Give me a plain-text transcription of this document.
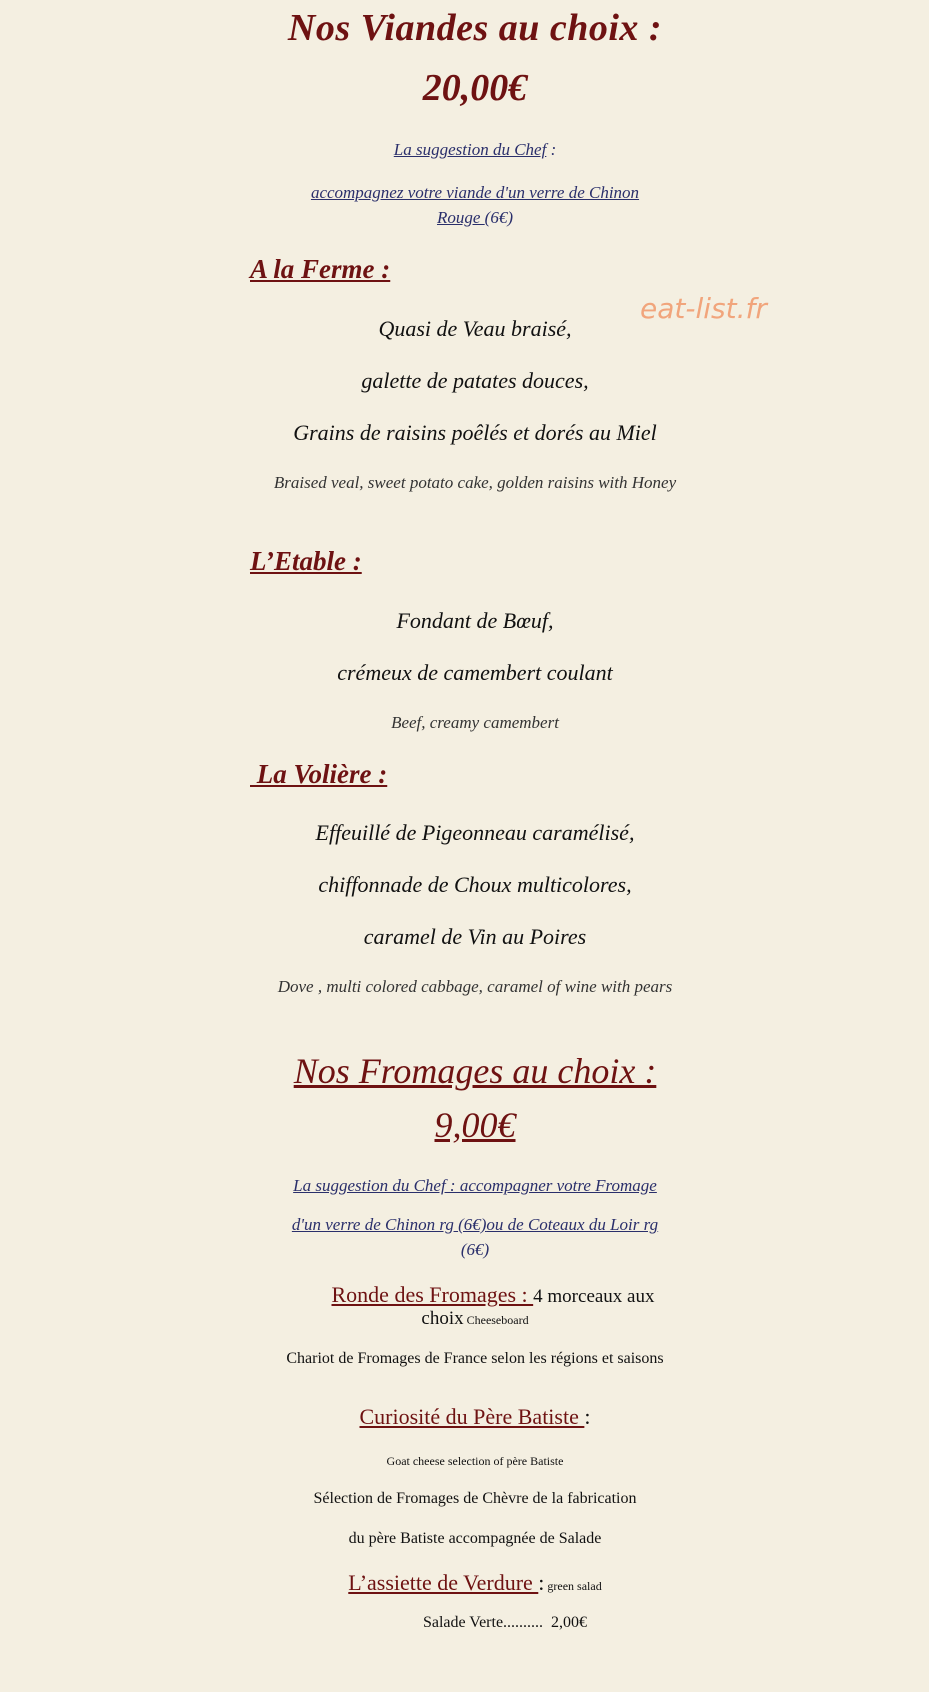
eat-list.fr
Nos Viandes au choix :
20,00€
La suggestion du Chef :
accompagnez votre viande d'un verre de Chinon
Rouge (6€)
A la Ferme :
Quasi de Veau braisé,
galette de patates douces,
Grains de raisins poêlés et dorés au Miel
Braised veal, sweet potato cake, golden raisins with Honey
L’Etable :
Fondant de Bœuf,
crémeux de camembert coulant
Beef, creamy camembert
La Volière :
Effeuillé de Pigeonneau caramélisé,
chiffonnade de Choux multicolores,
caramel de Vin au Poires
Dove , multi colored cabbage, caramel of wine with pears
Nos Fromages au choix :
9,00€
La suggestion du Chef : accompagner votre Fromage
d'un verre de Chinon rg (6€)ou de Coteaux du Loir rg
(6€)
Ronde des Fromages : 4 morceaux aux
choix Cheeseboard
Chariot de Fromages de France selon les régions et saisons
Curiosité du Père Batiste :
Goat cheese selection of père Batiste
Sélection de Fromages de Chèvre de la fabrication
du père Batiste accompagnée de Salade
L’assiette de Verdure : green salad
Salade Verte..........  2,00€
